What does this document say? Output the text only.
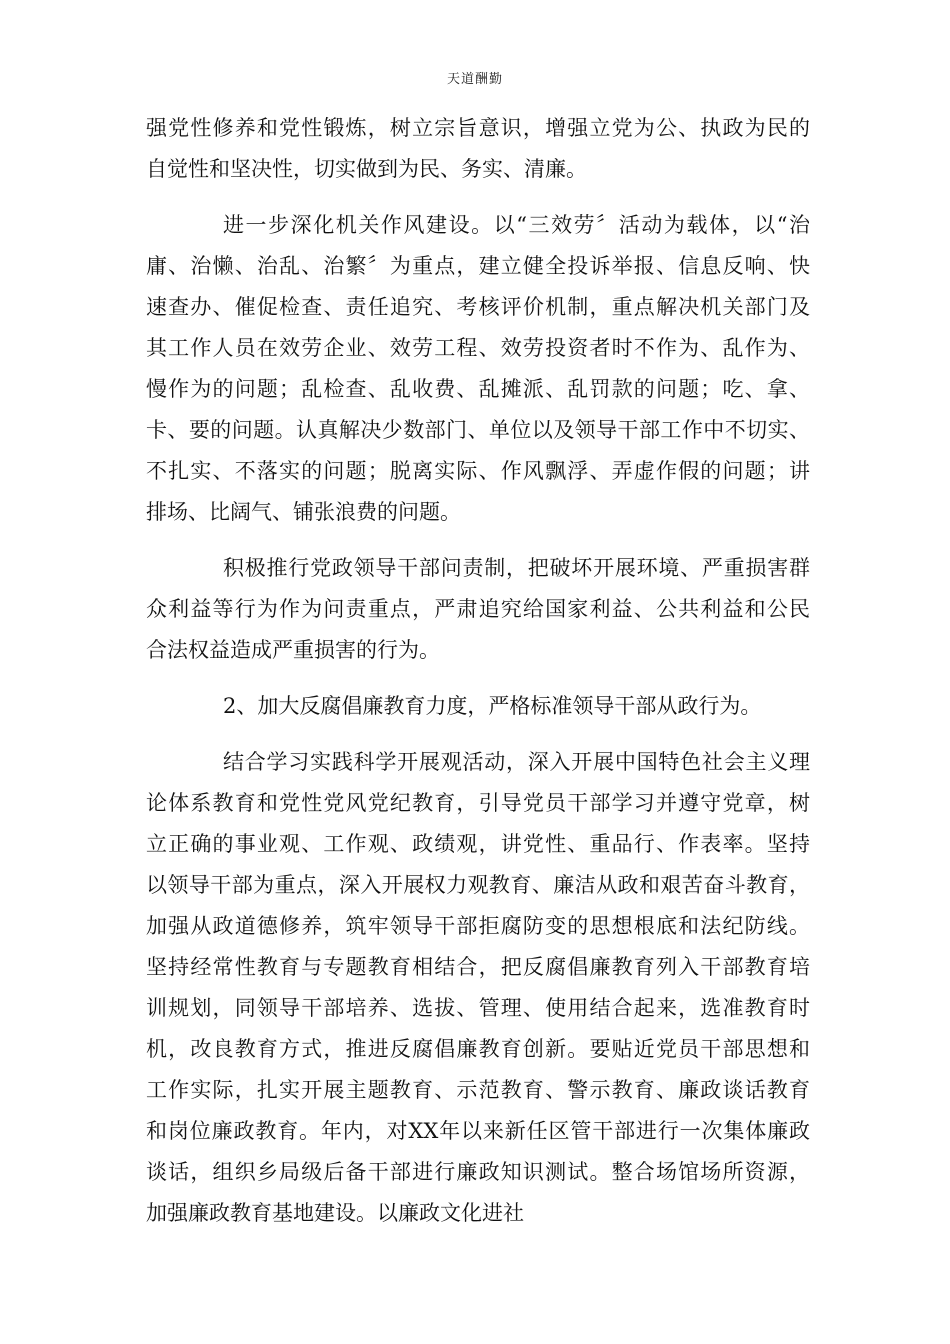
天道酬勤
强党性修养和党性锻炼，树立宗旨意识，增强立党为公、执政为民的
自觉性和坚决性，切实做到为民、务实、清廉。
进一步深化机关作风建设。以“三效劳〞活动为载体，以“治
庸、治懒、治乱、治繁〞为重点，建立健全投诉举报、信息反响、快
速查办、催促检查、责任追究、考核评价机制，重点解决机关部门及
其工作人员在效劳企业、效劳工程、效劳投资者时不作为、乱作为、
慢作为的问题；乱检查、乱收费、乱摊派、乱罚款的问题；吃、拿、
卡、要的问题。认真解决少数部门、单位以及领导干部工作中不切实、
不扎实、不落实的问题；脱离实际、作风飘浮、弄虚作假的问题；讲
排场、比阔气、铺张浪费的问题。
积极推行党政领导干部问责制，把破坏开展环境、严重损害群
众利益等行为作为问责重点，严肃追究给国家利益、公共利益和公民
合法权益造成严重损害的行为。
2、加大反腐倡廉教育力度，严格标准领导干部从政行为。
结合学习实践科学开展观活动，深入开展中国特色社会主义理
论体系教育和党性党风党纪教育，引导党员干部学习并遵守党章，树
立正确的事业观、工作观、政绩观，讲党性、重品行、作表率。坚持
以领导干部为重点，深入开展权力观教育、廉洁从政和艰苦奋斗教育，
加强从政道德修养，筑牢领导干部拒腐防变的思想根底和法纪防线。
坚持经常性教育与专题教育相结合，把反腐倡廉教育列入干部教育培
训规划，同领导干部培养、选拔、管理、使用结合起来，选准教育时
机，改良教育方式，推进反腐倡廉教育创新。要贴近党员干部思想和
工作实际，扎实开展主题教育、示范教育、警示教育、廉政谈话教育
和岗位廉政教育。年内，对XX年以来新任区管干部进行一次集体廉政
谈话，组织乡局级后备干部进行廉政知识测试。整合场馆场所资源，
加强廉政教育基地建设。以廉政文化进社
